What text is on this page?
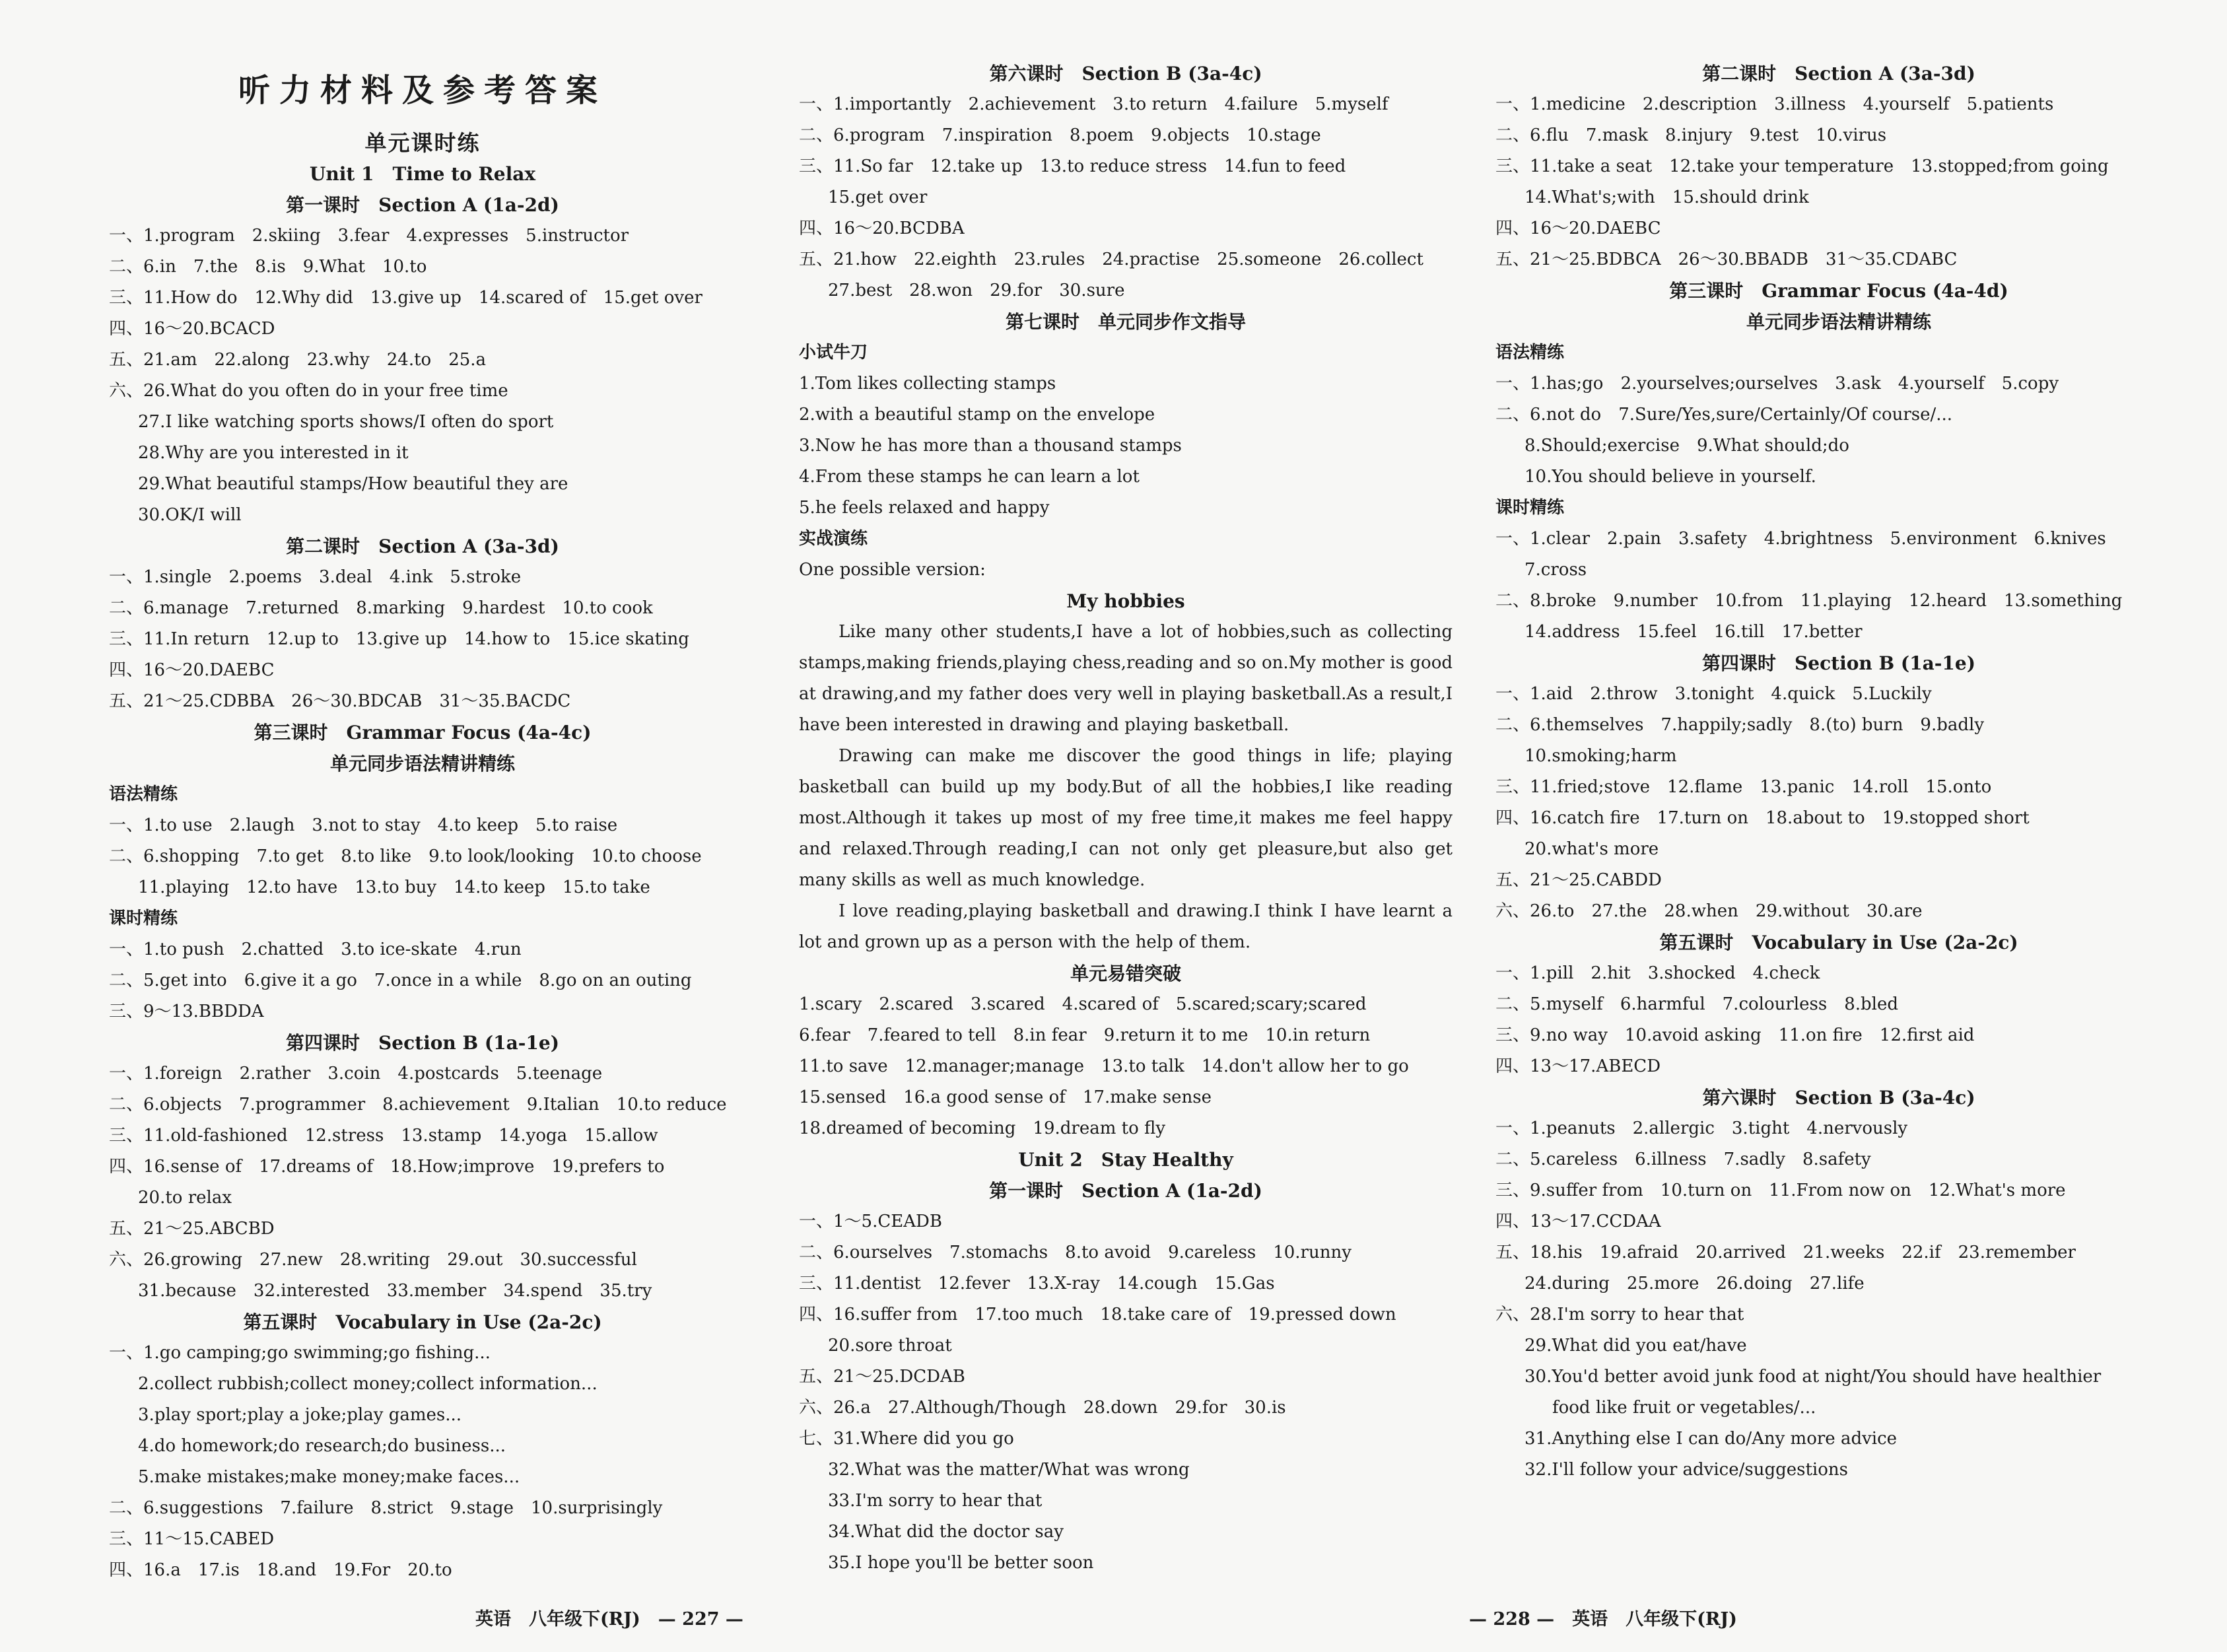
听力材料及参考答案
单元课时练
Unit 1　Time to Relax
第一课时　Section A (1a-2d)
一、1.program　2.skiing　3.fear　4.expresses　5.instructor
二、6.in　7.the　8.is　9.What　10.to
三、11.How do　12.Why did　13.give up　14.scared of　15.get over
四、16～20.BCACD
五、21.am　22.along　23.why　24.to　25.a
六、26.What do you often do in your free time
27.I like watching sports shows/I often do sport
28.Why are you interested in it
29.What beautiful stamps/How beautiful they are
30.OK/I will
第二课时　Section A (3a-3d)
一、1.single　2.poems　3.deal　4.ink　5.stroke
二、6.manage　7.returned　8.marking　9.hardest　10.to cook
三、11.In return　12.up to　13.give up　14.how to　15.ice skating
四、16～20.DAEBC
五、21～25.CDBBA　26～30.BDCAB　31～35.BACDC
第三课时　Grammar Focus (4a-4c)
单元同步语法精讲精练
语法精练
一、1.to use　2.laugh　3.not to stay　4.to keep　5.to raise
二、6.shopping　7.to get　8.to like　9.to look/looking　10.to choose
11.playing　12.to have　13.to buy　14.to keep　15.to take
课时精练
一、1.to push　2.chatted　3.to ice-skate　4.run
二、5.get into　6.give it a go　7.once in a while　8.go on an outing
三、9～13.BBDDA
第四课时　Section B (1a-1e)
一、1.foreign　2.rather　3.coin　4.postcards　5.teenage
二、6.objects　7.programmer　8.achievement　9.Italian　10.to reduce
三、11.old-fashioned　12.stress　13.stamp　14.yoga　15.allow
四、16.sense of　17.dreams of　18.How;improve　19.prefers to
20.to relax
五、21～25.ABCBD
六、26.growing　27.new　28.writing　29.out　30.successful
31.because　32.interested　33.member　34.spend　35.try
第五课时　Vocabulary in Use (2a-2c)
一、1.go camping;go swimming;go fishing...
2.collect rubbish;collect money;collect information...
3.play sport;play a joke;play games...
4.do homework;do research;do business...
5.make mistakes;make money;make faces...
二、6.suggestions　7.failure　8.strict　9.stage　10.surprisingly
三、11～15.CABED
四、16.a　17.is　18.and　19.For　20.to
第六课时　Section B (3a-4c)
一、1.importantly　2.achievement　3.to return　4.failure　5.myself
二、6.program　7.inspiration　8.poem　9.objects　10.stage
三、11.So far　12.take up　13.to reduce stress　14.fun to feed
15.get over
四、16～20.BCDBA
五、21.how　22.eighth　23.rules　24.practise　25.someone　26.collect
27.best　28.won　29.for　30.sure
第七课时　单元同步作文指导
小试牛刀
1.Tom likes collecting stamps
2.with a beautiful stamp on the envelope
3.Now he has more than a thousand stamps
4.From these stamps he can learn a lot
5.he feels relaxed and happy
实战演练
One possible version:
My hobbies
Like many other students,I have a lot of hobbies,such as collecting stamps,making friends,playing chess,reading and so on.My mother is good at drawing,and my father does very well in playing basketball.As a result,I have been interested in drawing and playing basketball.
Drawing can make me discover the good things in life; playing basketball can build up my body.But of all the hobbies,I like reading most.Although it takes up most of my free time,it makes me feel happy and relaxed.Through reading,I can not only get pleasure,but also get many skills as well as much knowledge.
I love reading,playing basketball and drawing.I think I have learnt a lot and grown up as a person with the help of them.
单元易错突破
1.scary　2.scared　3.scared　4.scared of　5.scared;scary;scared
6.fear　7.feared to tell　8.in fear　9.return it to me　10.in return
11.to save　12.manager;manage　13.to talk　14.don't allow her to go
15.sensed　16.a good sense of　17.make sense
18.dreamed of becoming　19.dream to fly
Unit 2　Stay Healthy
第一课时　Section A (1a-2d)
一、1～5.CEADB
二、6.ourselves　7.stomachs　8.to avoid　9.careless　10.runny
三、11.dentist　12.fever　13.X-ray　14.cough　15.Gas
四、16.suffer from　17.too much　18.take care of　19.pressed down
20.sore throat
五、21～25.DCDAB
六、26.a　27.Although/Though　28.down　29.for　30.is
七、31.Where did you go
32.What was the matter/What was wrong
33.I'm sorry to hear that
34.What did the doctor say
35.I hope you'll be better soon
第二课时　Section A (3a-3d)
一、1.medicine　2.description　3.illness　4.yourself　5.patients
二、6.flu　7.mask　8.injury　9.test　10.virus
三、11.take a seat　12.take your temperature　13.stopped;from going
14.What's;with　15.should drink
四、16～20.DAEBC
五、21～25.BDBCA　26～30.BBADB　31～35.CDABC
第三课时　Grammar Focus (4a-4d)
单元同步语法精讲精练
语法精练
一、1.has;go　2.yourselves;ourselves　3.ask　4.yourself　5.copy
二、6.not do　7.Sure/Yes,sure/Certainly/Of course/...
8.Should;exercise　9.What should;do
10.You should believe in yourself.
课时精练
一、1.clear　2.pain　3.safety　4.brightness　5.environment　6.knives
7.cross
二、8.broke　9.number　10.from　11.playing　12.heard　13.something
14.address　15.feel　16.till　17.better
第四课时　Section B (1a-1e)
一、1.aid　2.throw　3.tonight　4.quick　5.Luckily
二、6.themselves　7.happily;sadly　8.(to) burn　9.badly
10.smoking;harm
三、11.fried;stove　12.flame　13.panic　14.roll　15.onto
四、16.catch fire　17.turn on　18.about to　19.stopped short
20.what's more
五、21～25.CABDD
六、26.to　27.the　28.when　29.without　30.are
第五课时　Vocabulary in Use (2a-2c)
一、1.pill　2.hit　3.shocked　4.check
二、5.myself　6.harmful　7.colourless　8.bled
三、9.no way　10.avoid asking　11.on fire　12.first aid
四、13～17.ABECD
第六课时　Section B (3a-4c)
一、1.peanuts　2.allergic　3.tight　4.nervously
二、5.careless　6.illness　7.sadly　8.safety
三、9.suffer from　10.turn on　11.From now on　12.What's more
四、13～17.CCDAA
五、18.his　19.afraid　20.arrived　21.weeks　22.if　23.remember
24.during　25.more　26.doing　27.life
六、28.I'm sorry to hear that
29.What did you eat/have
30.You'd better avoid junk food at night/You should have healthier
food like fruit or vegetables/...
31.Anything else I can do/Any more advice
32.I'll follow your advice/suggestions
英语　八年级下(RJ)　— 227 —	— 228 —　英语　八年级下(RJ)
